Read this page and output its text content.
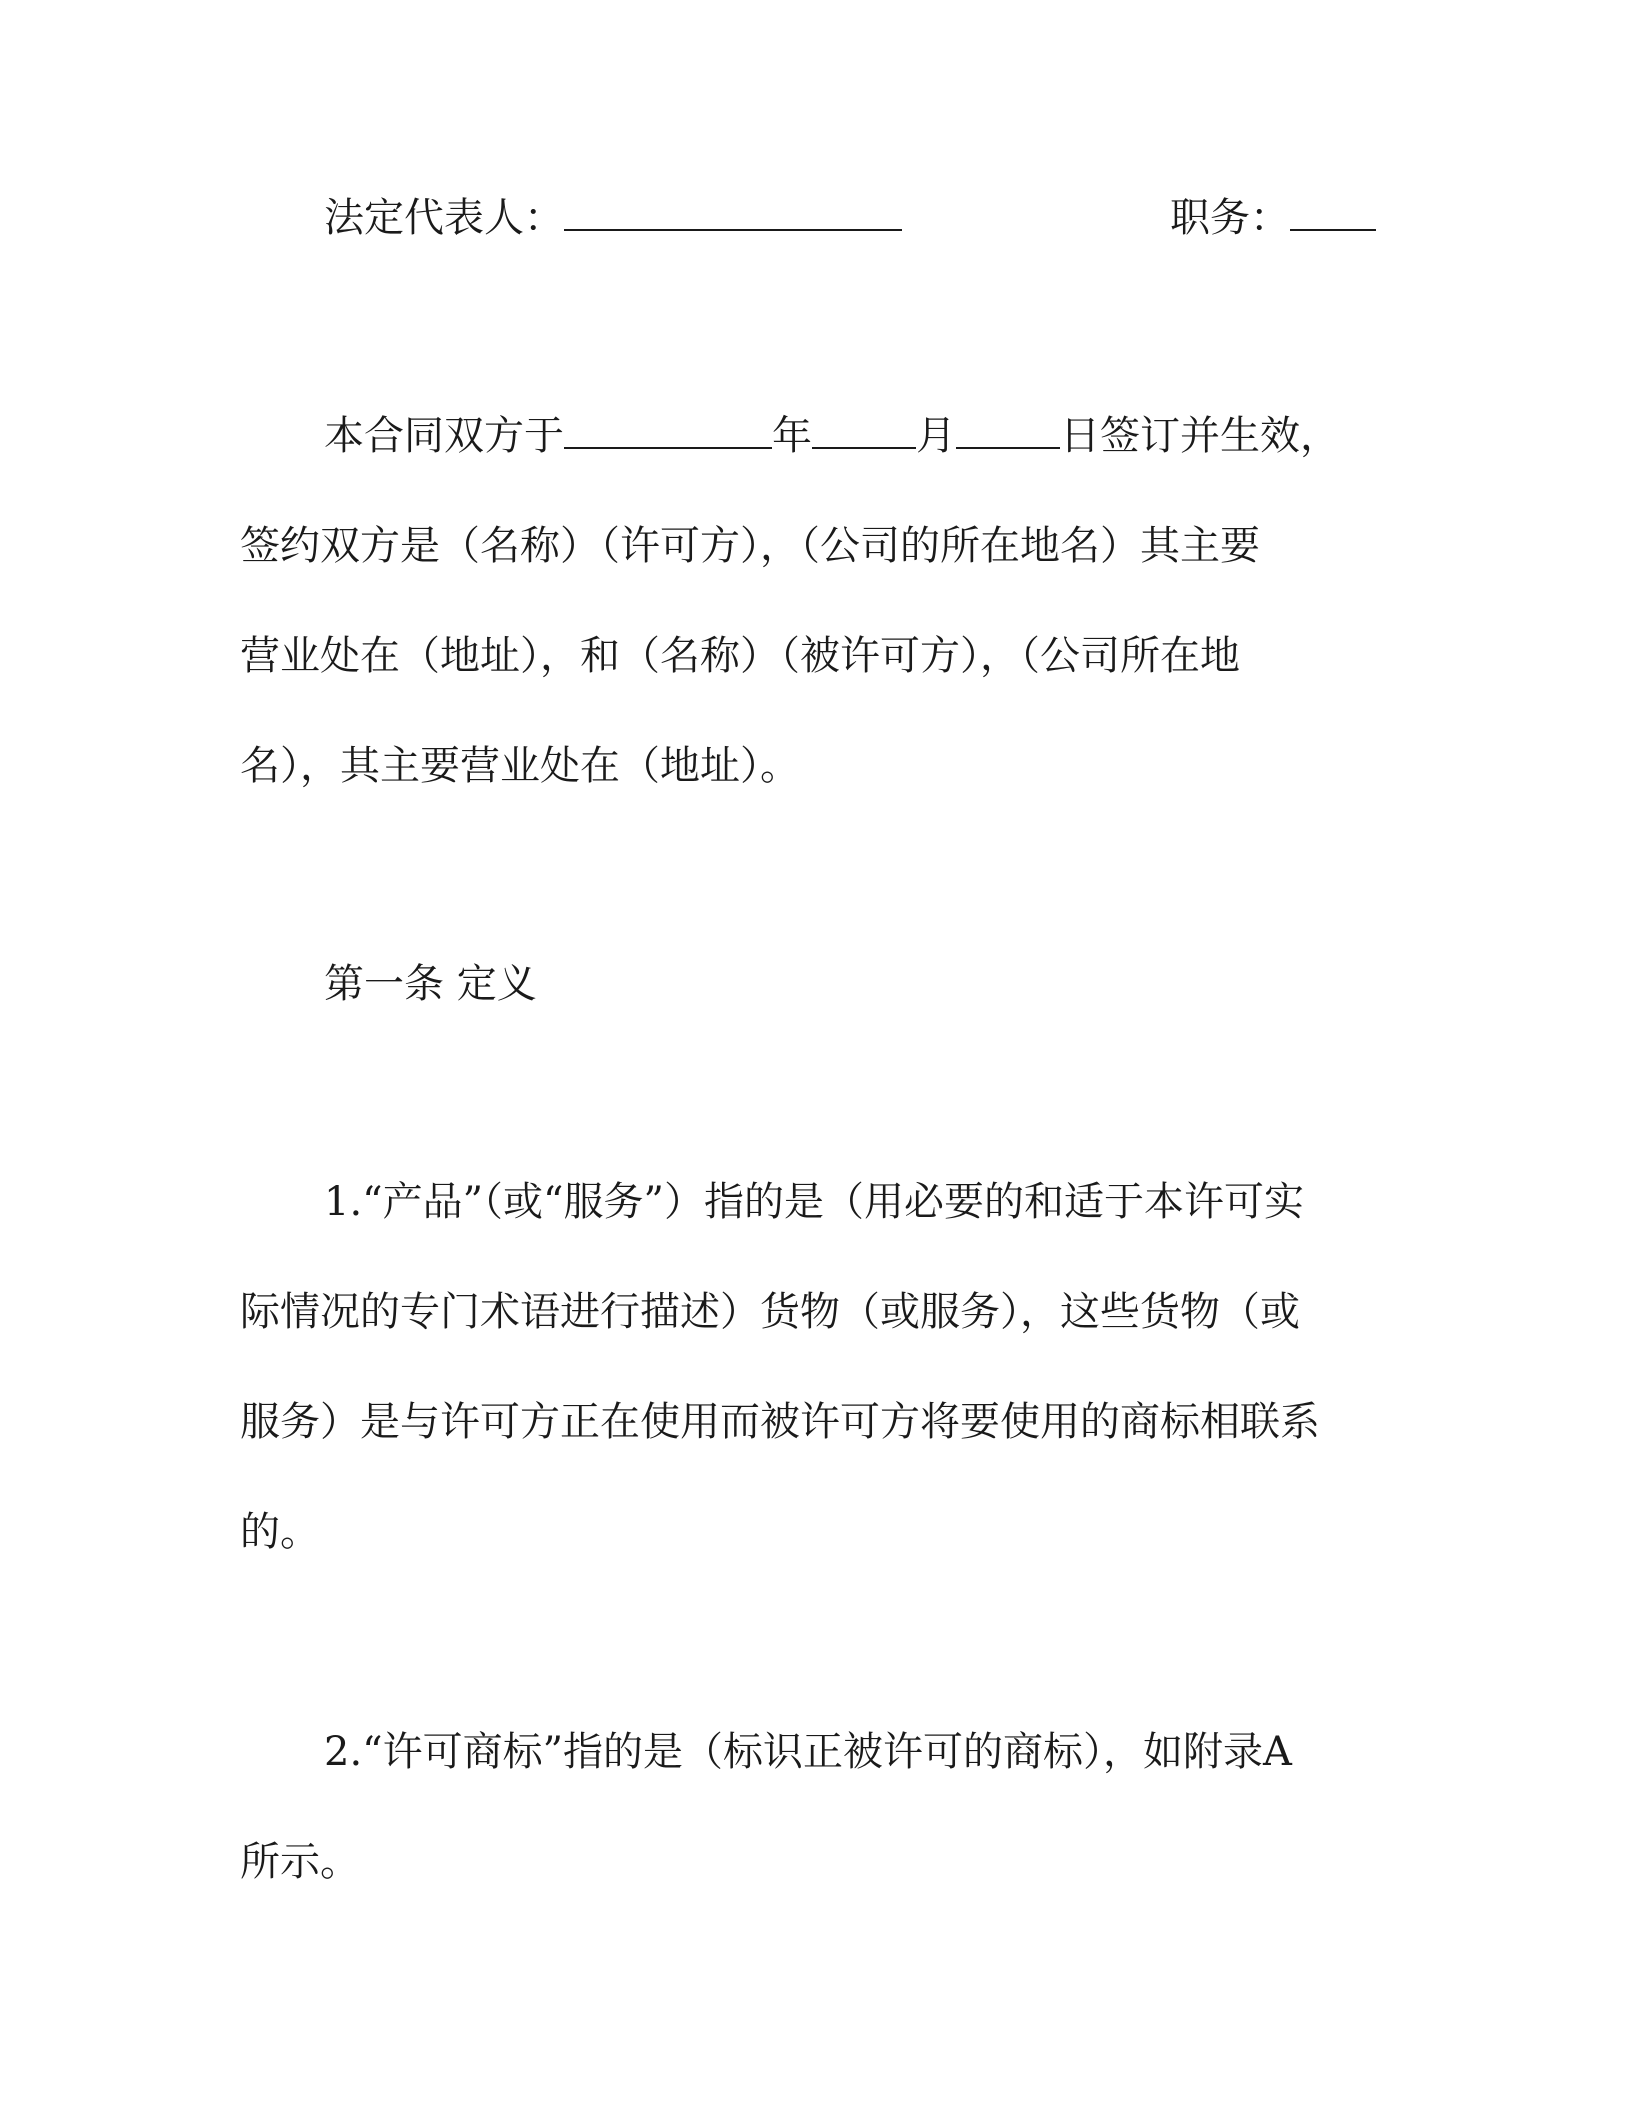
法定代表人：	职务：
本合同双方于	年	月	日签订并生效，
签约双方是（名称）（许可方），（公司的所在地名）其主要
营业处在（地址），和（名称）（被许可方），（公司所在地
名），其主要营业处在（地址）。
第一条 定义
1.“产品”（或“服务”）指的是（用必要的和适于本许可实
际情况的专门术语进行描述）货物（或服务），这些货物（或
服务）是与许可方正在使用而被许可方将要使用的商标相联系
的。
2.“许可商标”指的是（标识正被许可的商标），如附录A
所示。
